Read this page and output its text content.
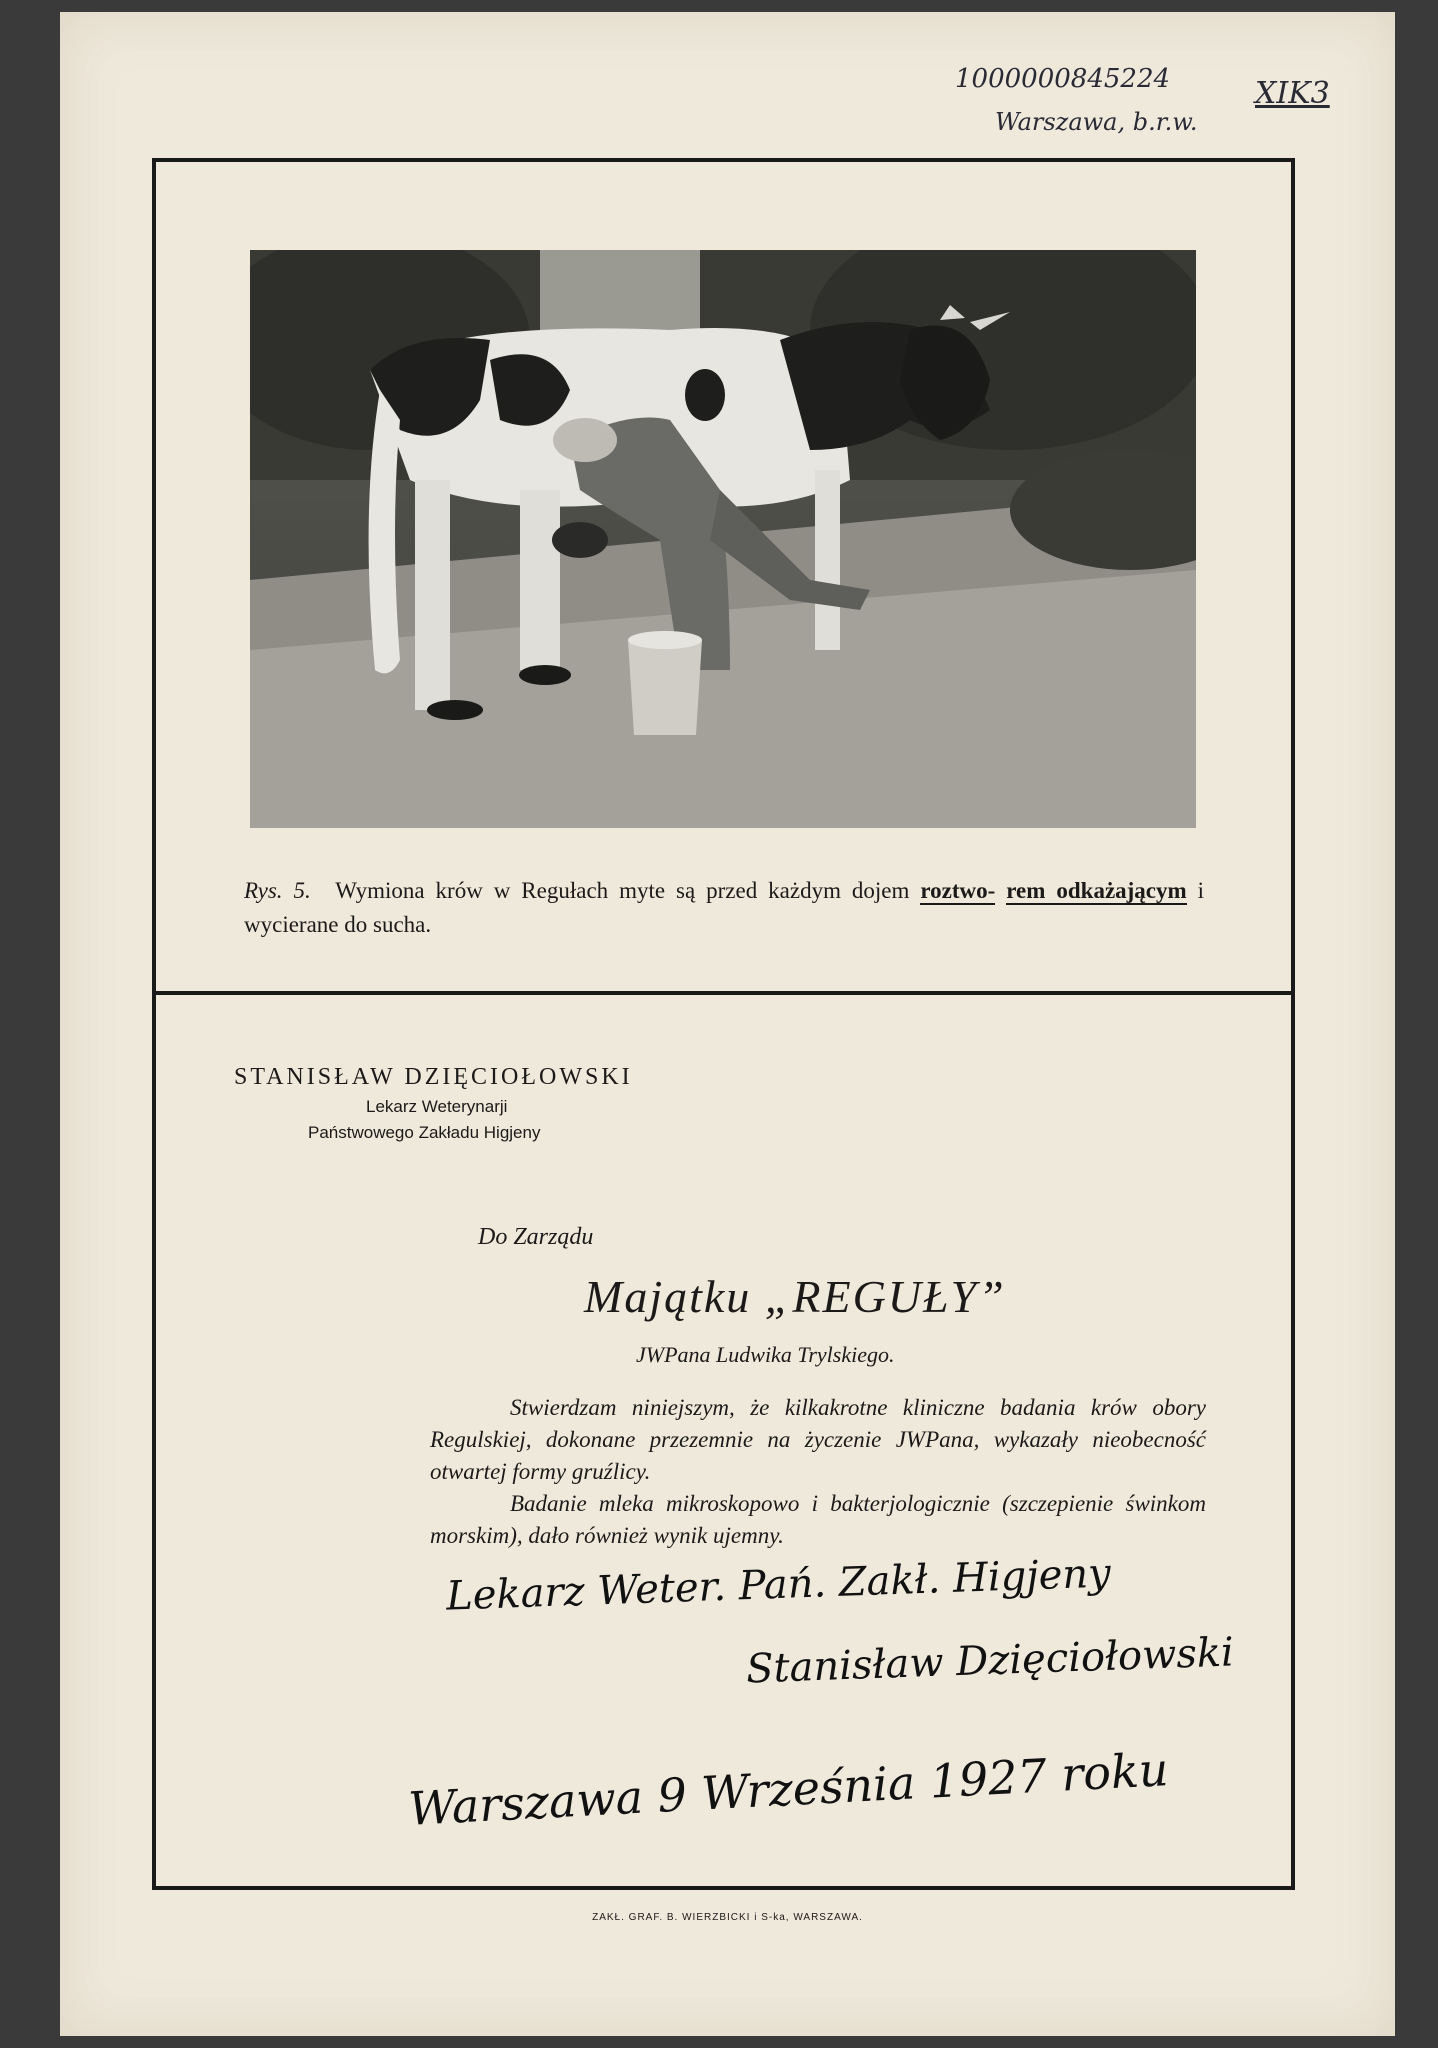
1000000845224
Warszawa, b.r.w.
XIK3
Rys. 5. Wymiona krów w Regułach myte są przed każdym dojem roztwo- rem odkażającym i wycierane do sucha.
STANISŁAW DZIĘCIOŁOWSKI
Lekarz Weterynarji
Państwowego Zakładu Higjeny
Do Zarządu
Majątku „REGUŁY”
JWPana Ludwika Trylskiego.

Stwierdzam niniejszym, że kilkakrotne kliniczne badania krów obory Regulskiej, dokonane przezemnie na życzenie JWPana, wykazały nieobecność otwartej formy gruźlicy.

Badanie mleka mikroskopowo i bakterjologicznie (szczepienie świnkom morskim), dało również wynik ujemny.

Lekarz Weter. Pań. Zakł. Higjeny
Stanisław Dzięciołowski
Warszawa 9 Września 1927 roku
ZAKŁ. GRAF. B. WIERZBICKI i S-ka, WARSZAWA.
